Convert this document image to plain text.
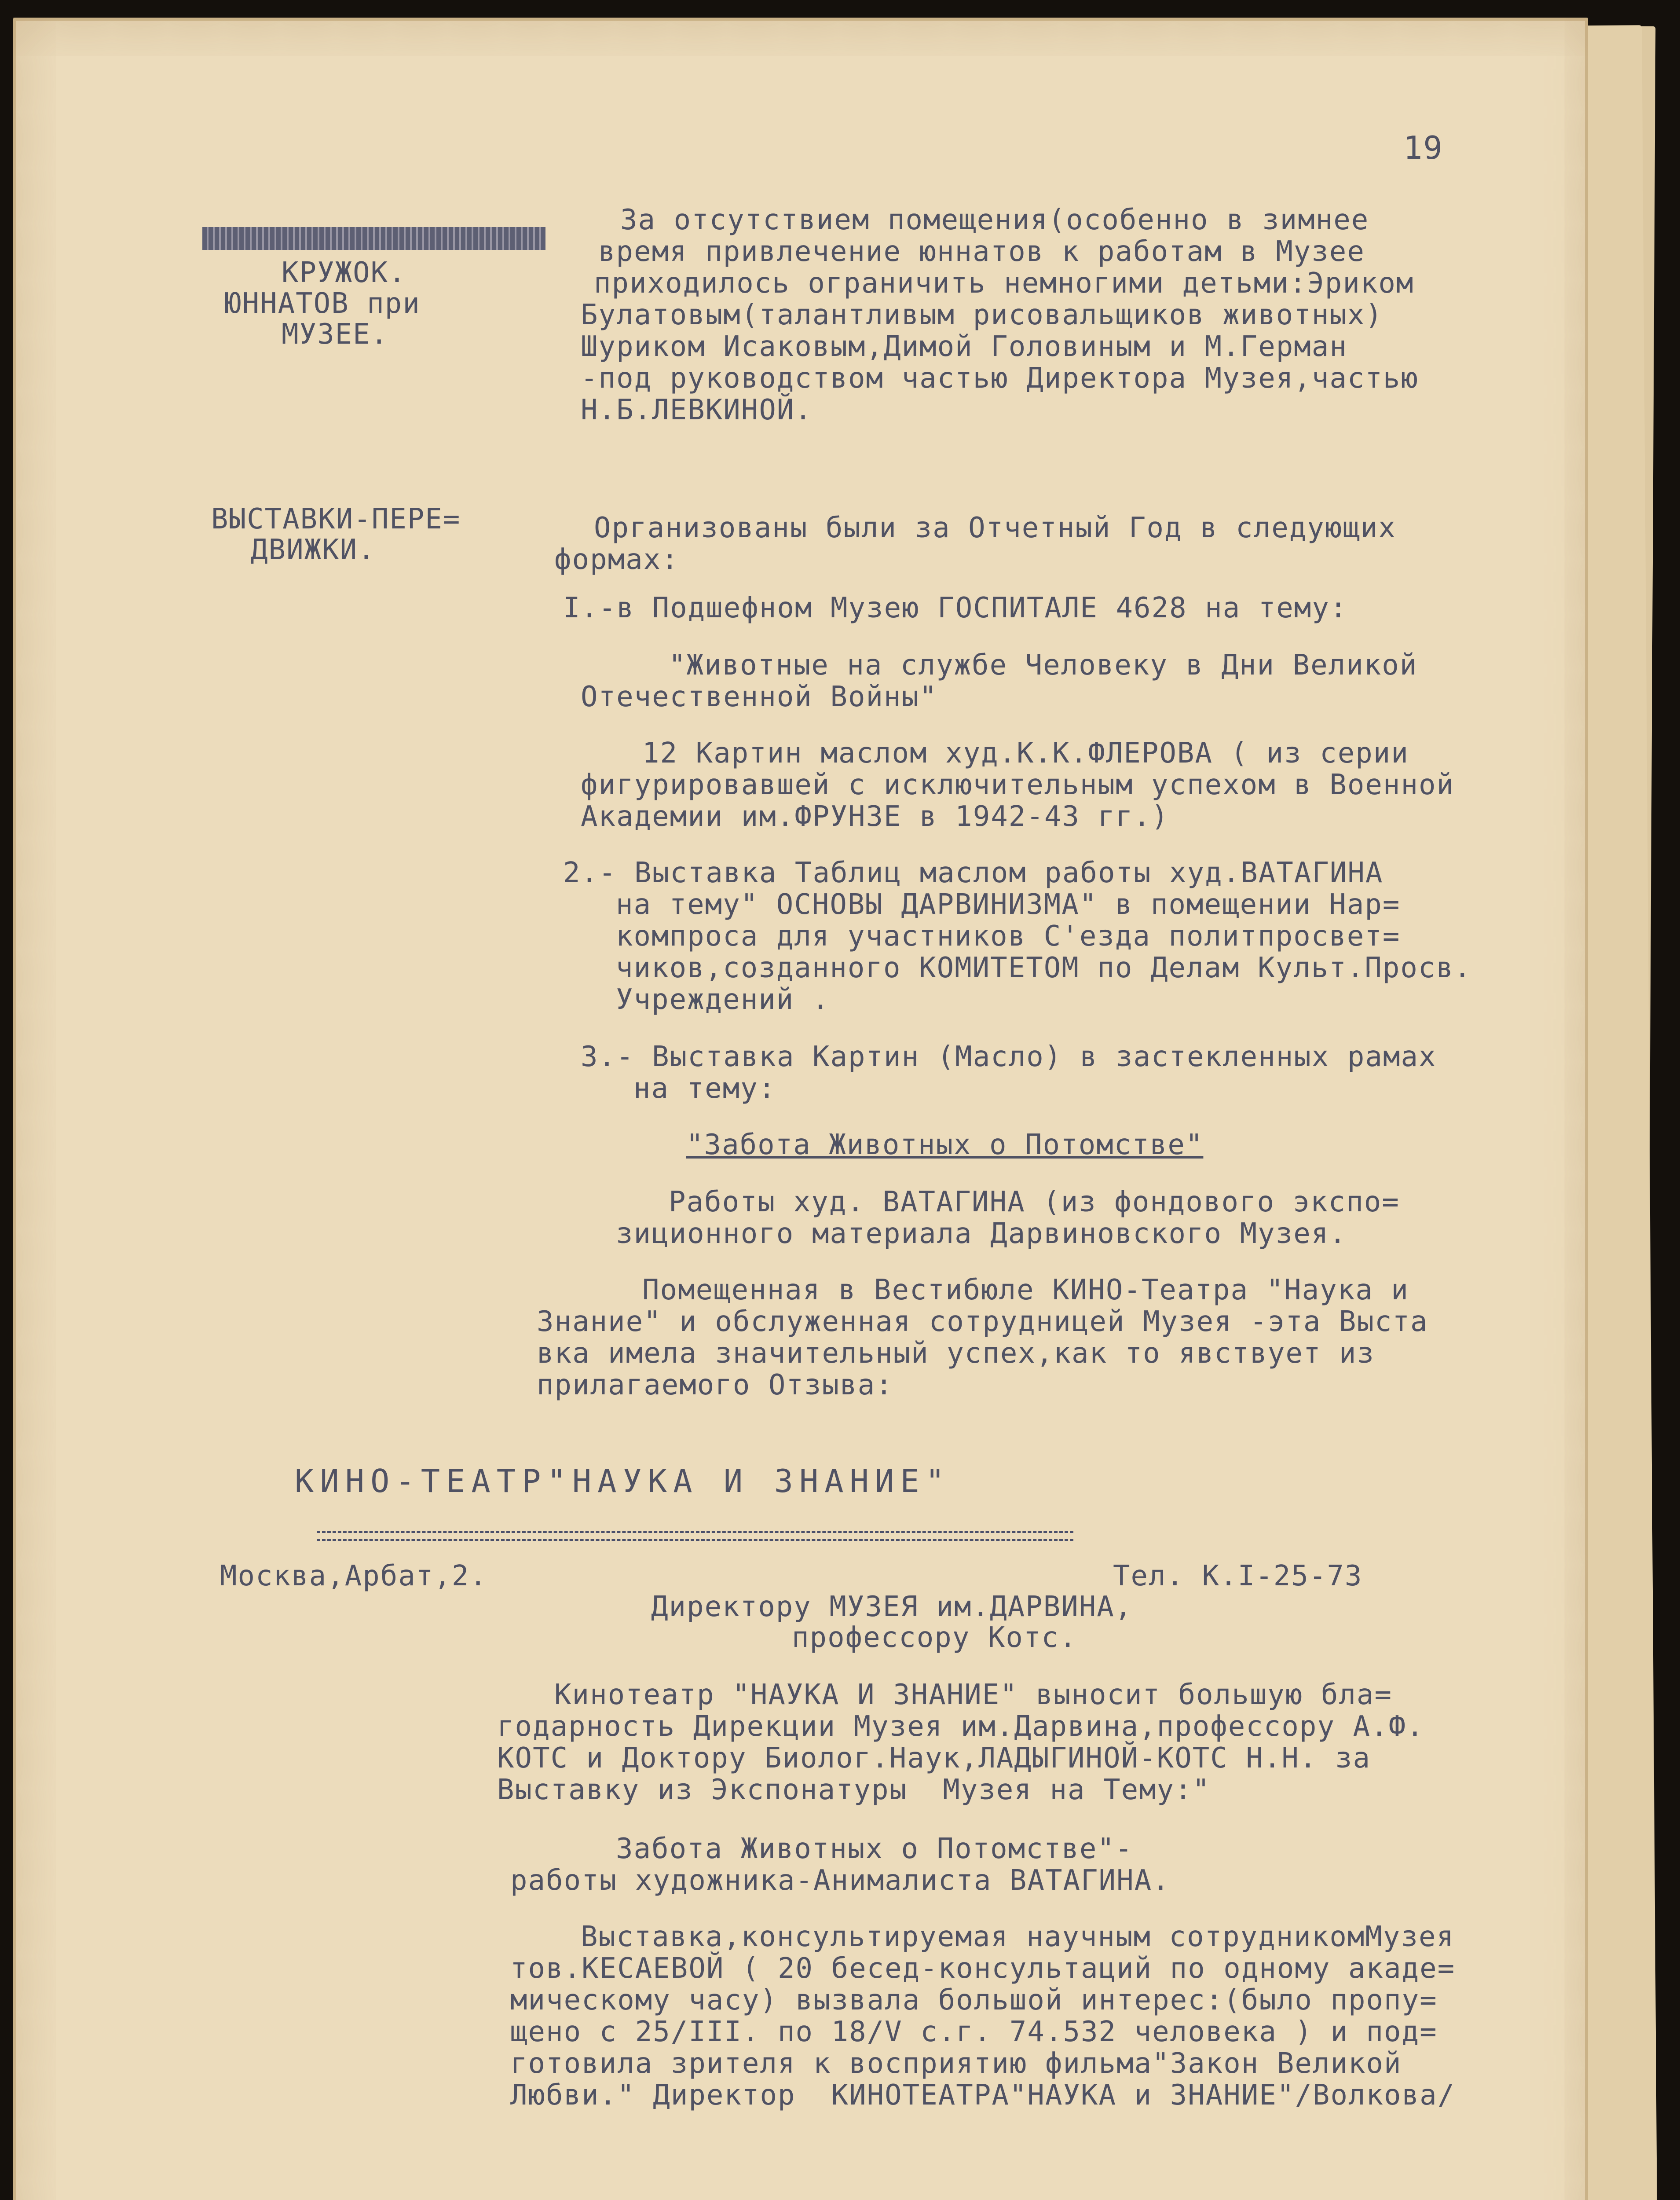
19
КРУЖОК.
ЮННАТОВ при
МУЗЕЕ.
ВЫСТАВКИ-ПЕРЕ=
ДВИЖКИ.
За отсутствием помещения(особенно в зимнее
время привлечение юннатов к работам в Музее
приходилось ограничить немногими детьми:Эриком
Булатовым(талантливым рисовальщиков животных)
Шуриком Исаковым,Димой Головиным и М.Герман
-под руководством частью Директора Музея,частью
Н.Б.ЛЕВКИНОЙ.
Организованы были за Отчетный Год в следующих
формах:
I.-в Подшефном Музею ГОСПИТАЛЕ 4628 на тему:
"Животные на службе Человеку в Дни Великой
Отечественной Войны"
12 Картин маслом худ.К.К.ФЛЕРОВА ( из серии
фигурировавшей с исключительным успехом в Военной
Академии им.ФРУНЗЕ в 1942-43 гг.)
2.- Выставка Таблиц маслом работы худ.ВАТАГИНА
на тему" ОСНОВЫ ДАРВИНИЗМА" в помещении Нар=
компроса для участников С'езда политпросвет=
чиков,созданного КОМИТЕТОМ по Делам Культ.Просв.
Учреждений .
3.- Выставка Картин (Масло) в застекленных рамах
на тему:
"Забота Животных о Потомстве"
Работы худ. ВАТАГИНА (из фондового экспо=
зиционного материала Дарвиновского Музея.
Помещенная в Вестибюле КИНО-Театра "Наука и
Знание" и обслуженная сотрудницей Музея -эта Выста
вка имела значительный успех,как то явствует из
прилагаемого Отзыва:
КИНО-ТЕАТР"НАУКА И ЗНАНИЕ"
Москва,Арбат,2.	Тел. К.I-25-73
Директору МУЗЕЯ им.ДАРВИНА,
профессору Котс.
Кинотеатр "НАУКА И ЗНАНИЕ" выносит большую бла=
годарность Дирекции Музея им.Дарвина,профессору А.Ф.
КОТС и Доктору Биолог.Наук,ЛАДЫГИНОЙ-КОТС Н.Н. за
Выставку из Экспонатуры  Музея на Тему:"
Забота Животных о Потомстве"-
работы художника-Анималиста ВАТАГИНА.
Выставка,консультируемая научным сотрудникомМузея
тов.КЕСАЕВОЙ ( 20 бесед-консультаций по одному акаде=
мическому часу) вызвала большой интерес:(было пропу=
щено с 25/III. по 18/V с.г. 74.532 человека ) и под=
готовила зрителя к восприятию фильма"Закон Великой
Любви." Директор  КИНОТЕАТРА"НАУКА и ЗНАНИЕ"/Волкова/
